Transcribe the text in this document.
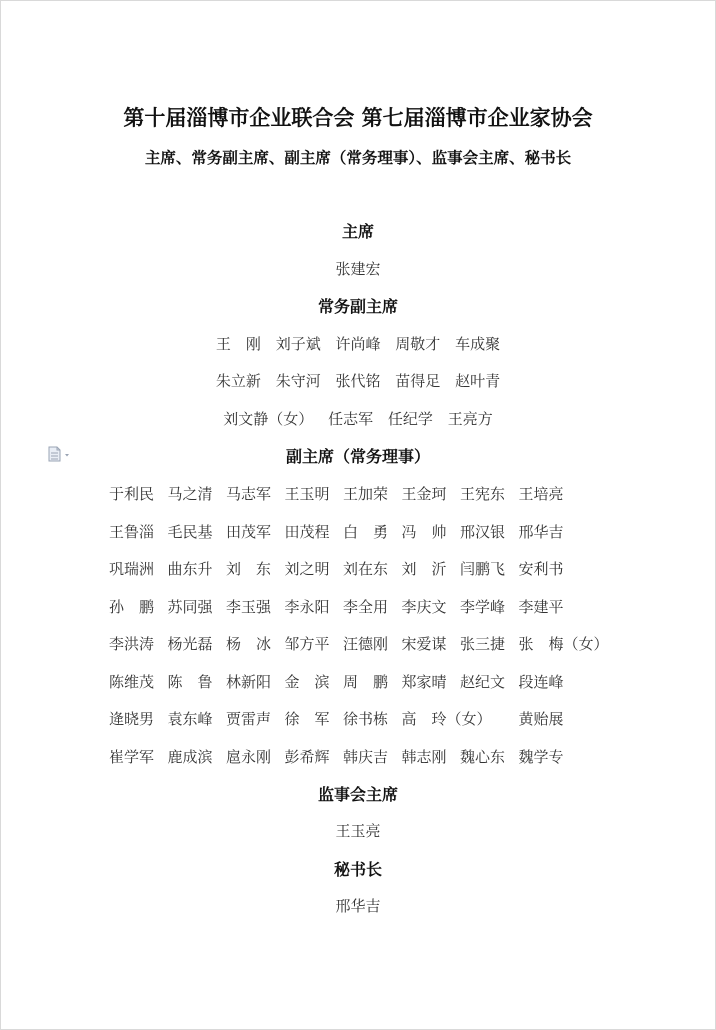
第十届淄博市企业联合会 第七届淄博市企业家协会
主席、常务副主席、副主席（常务理事）、监事会主席、秘书长
主席
张建宏
常务副主席
王　刚 刘子斌 许尚峰 周敬才 车成聚
朱立新 朱守河 张代铭 苗得足 赵叶青
刘文静（女） 任志军 任纪学 王亮方
副主席（常务理事）
于利民 马之清 马志军 王玉明 王加荣 王金珂 王宪东 王培亮
王鲁淄 毛民基 田茂军 田茂程 白　勇 冯　帅 邢汉银 邢华吉
巩瑞洲 曲东升 刘　东 刘之明 刘在东 刘　沂 闫鹏飞 安利书
孙　鹏 苏同强 李玉强 李永阳 李全用 李庆文 李学峰 李建平
李洪涛 杨光磊 杨　冰 邹方平 汪德刚 宋爱谋 张三捷 张　梅（女）
陈维茂 陈　鲁 林新阳 金　滨 周　鹏 郑家晴 赵纪文 段连峰
逄晓男 袁东峰 贾雷声 徐　军 徐书栋 高　玲（女） 黄贻展
崔学军 鹿成滨 扈永刚 彭希辉 韩庆吉 韩志刚 魏心东 魏学专
监事会主席
王玉亮
秘书长
邢华吉
